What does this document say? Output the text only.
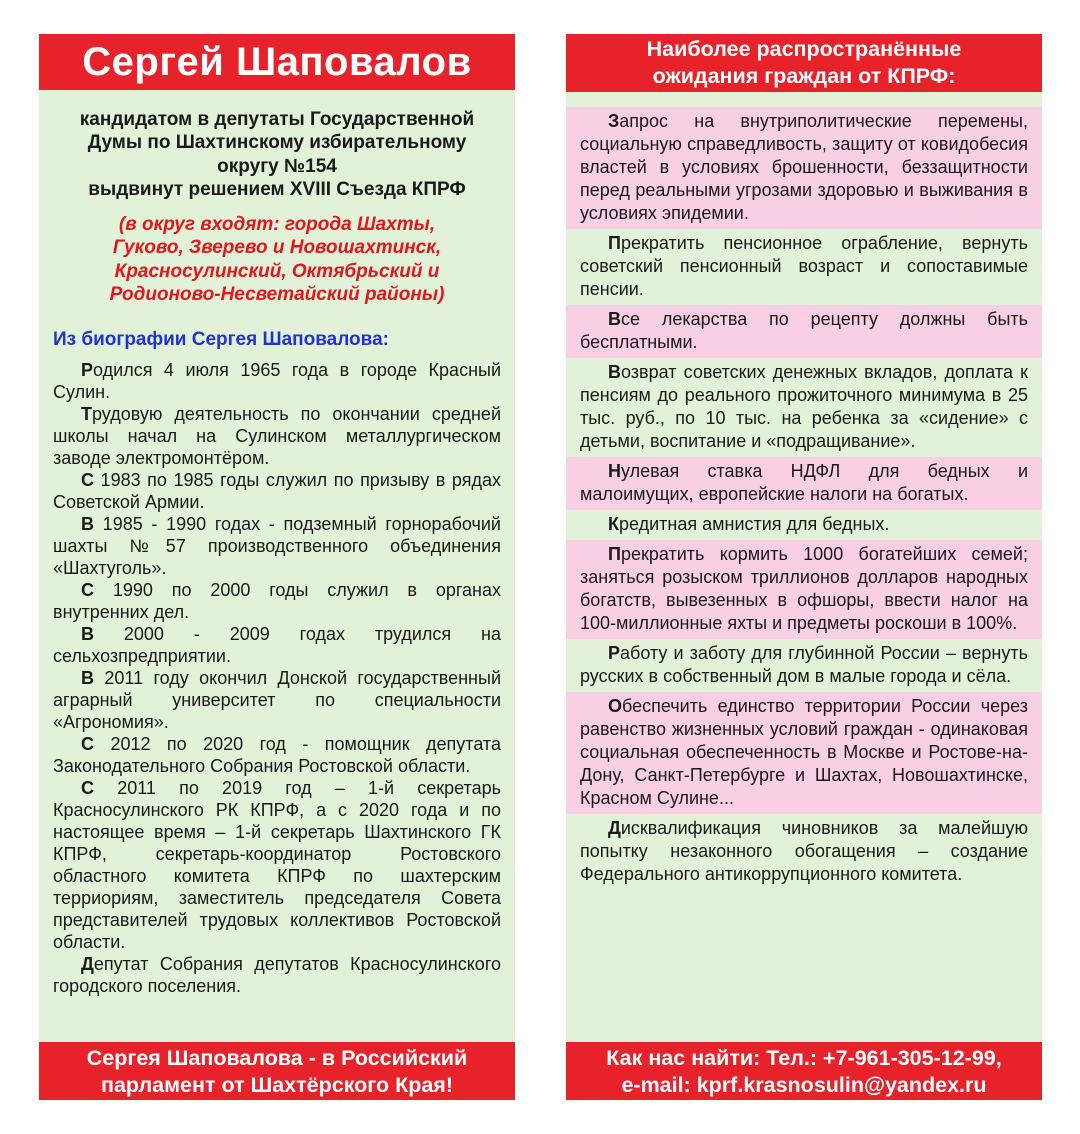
Сергей Шаповалов
кандидатом в депутаты Государственной
Думы по Шахтинскому избирательному
округу №154
выдвинут решением XVIII Съезда КПРФ
(в округ входят: города Шахты,
Гуково, Зверево и Новошахтинск,
Красносулинский, Октябрьский и
Родионово-Несветайский районы)
Из биографии Сергея Шаповалова:

Родился 4 июля 1965 года в городе Красный Сулин.

Трудовую деятельность по окончании средней школы начал на Сулинском металлургическом заводе электромонтёром.

С 1983 по 1985 годы служил по призыву в рядах Советской Армии.

В 1985 - 1990 годах - подземный горнорабочий шахты №57 производственного объединения «Шахтуголь».

С 1990 по 2000 годы служил в органах внутренних дел.

В 2000 - 2009 годах трудился на сельхозпредприятии.

В 2011 году окончил Донской государственный аграрный университет по специальности «Агрономия».

С 2012 по 2020 год - помощник депутата Законодательного Собрания Ростовской области.

С 2011 по 2019 год – 1-й секретарь Красносулинского РК КПРФ, а с 2020 года и по настоящее время – 1-й секретарь Шахтинского ГК КПРФ, секретарь-координатор Ростовского областного комитета КПРФ по шахтерским терриoриям, заместитель председателя Совета представителей трудовых коллективов Ростовской области.

Депутат Собрания депутатов Красносулинского городского поселения.

Сергея Шаповалова - в Российский
парламент от Шахтёрского Края!
Наиболее распространённые
ожидания граждан от КПРФ:

Запрос на внутриполитические перемены, социальную справедливость, защиту от ковидобесия властей в условиях брошенности, беззащитности перед реальными угрозами здоровью и выживания в условиях эпидемии.

Прекратить пенсионное ограбление, вернуть советский пенсионный возраст и сопоставимые пенсии.

Все лекарства по рецепту должны быть бесплатными.

Возврат советских денежных вкладов, доплата к пенсиям до реального прожиточного минимума в 25 тыс. руб., по 10 тыс. на ребенка за «сидение» с детьми, воспитание и «подращивание».

Нулевая ставка НДФЛ для бедных и малоимущих, европейские налоги на богатых.

Кредитная амнистия для бедных.

Прекратить кормить 1000 богатейших семей; заняться розыском триллионов долларов народных богатств, вывезенных в офшоры, ввести налог на 100-миллионные яхты и предметы роскоши в 100%.

Работу и заботу для глубинной России – вернуть русских в собственный дом в малые города и сёла.

Обеспечить единство территории России через равенство жизненных условий граждан - одинаковая социальная обеспеченность в Москве и Ростове-на-Дону, Санкт-Петербурге и Шахтах, Новошахтинске, Красном Сулине...

Дисквалификация чиновников за малейшую попытку незаконного обогащения – создание Федерального антикоррупционного комитета.

Как нас найти: Тел.: +7-961-305-12-99,
e-mail: kprf.krasnosulin@yandex.ru
